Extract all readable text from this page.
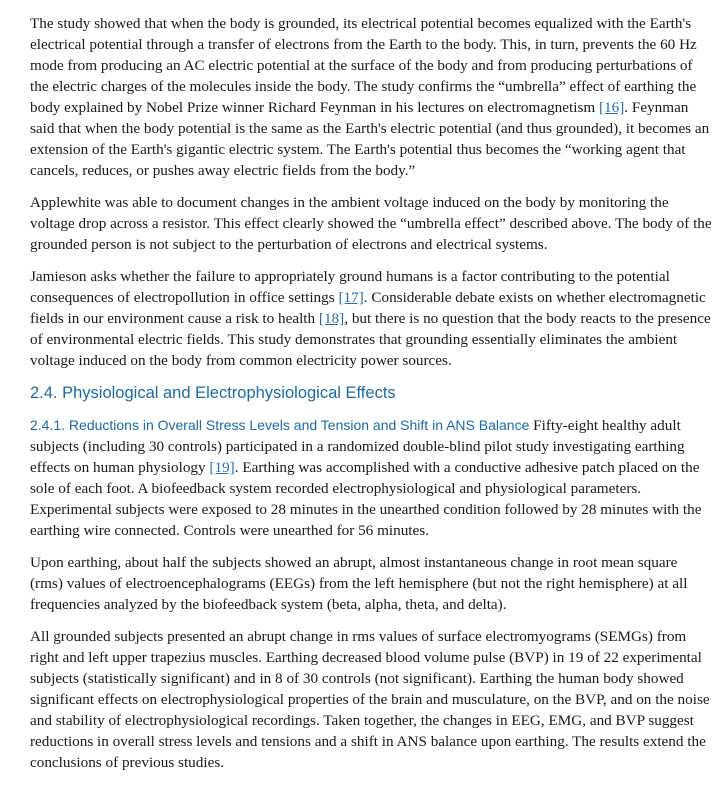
The study showed that when the body is grounded, its electrical potential becomes equalized with the Earth's electrical potential through a transfer of electrons from the Earth to the body. This, in turn, prevents the 60 Hz mode from producing an AC electric potential at the surface of the body and from producing perturbations of the electric charges of the molecules inside the body. The study confirms the “umbrella” effect of earthing the body explained by Nobel Prize winner Richard Feynman in his lectures on electromagnetism [16]. Feynman said that when the body potential is the same as the Earth's electric potential (and thus grounded), it becomes an extension of the Earth's gigantic electric system. The Earth's potential thus becomes the “working agent that cancels, reduces, or pushes away electric fields from the body.”

Applewhite was able to document changes in the ambient voltage induced on the body by monitoring the voltage drop across a resistor. This effect clearly showed the “umbrella effect” described above. The body of the grounded person is not subject to the perturbation of electrons and electrical systems.

Jamieson asks whether the failure to appropriately ground humans is a factor contributing to the potential consequences of electropollution in office settings [17]. Considerable debate exists on whether electromagnetic fields in our environment cause a risk to health [18], but there is no question that the body reacts to the presence of environmental electric fields. This study demonstrates that grounding essentially eliminates the ambient voltage induced on the body from common electricity power sources.

2.4. Physiological and Electrophysiological Effects

2.4.1. Reductions in Overall Stress Levels and Tension and Shift in ANS Balance Fifty-eight healthy adult subjects (including 30 controls) participated in a randomized double-blind pilot study investigating earthing effects on human physiology [19]. Earthing was accomplished with a conductive adhesive patch placed on the sole of each foot. A biofeedback system recorded electrophysiological and physiological parameters. Experimental subjects were exposed to 28 minutes in the unearthed condition followed by 28 minutes with the earthing wire connected. Controls were unearthed for 56 minutes.

Upon earthing, about half the subjects showed an abrupt, almost instantaneous change in root mean square (rms) values of electroencephalograms (EEGs) from the left hemisphere (but not the right hemisphere) at all frequencies analyzed by the biofeedback system (beta, alpha, theta, and delta).

All grounded subjects presented an abrupt change in rms values of surface electromyograms (SEMGs) from right and left upper trapezius muscles. Earthing decreased blood volume pulse (BVP) in 19 of 22 experimental subjects (statistically significant) and in 8 of 30 controls (not significant). Earthing the human body showed significant effects on electrophysiological properties of the brain and musculature, on the BVP, and on the noise and stability of electrophysiological recordings. Taken together, the changes in EEG, EMG, and BVP suggest reductions in overall stress levels and tensions and a shift in ANS balance upon earthing. The results extend the conclusions of previous studies.
